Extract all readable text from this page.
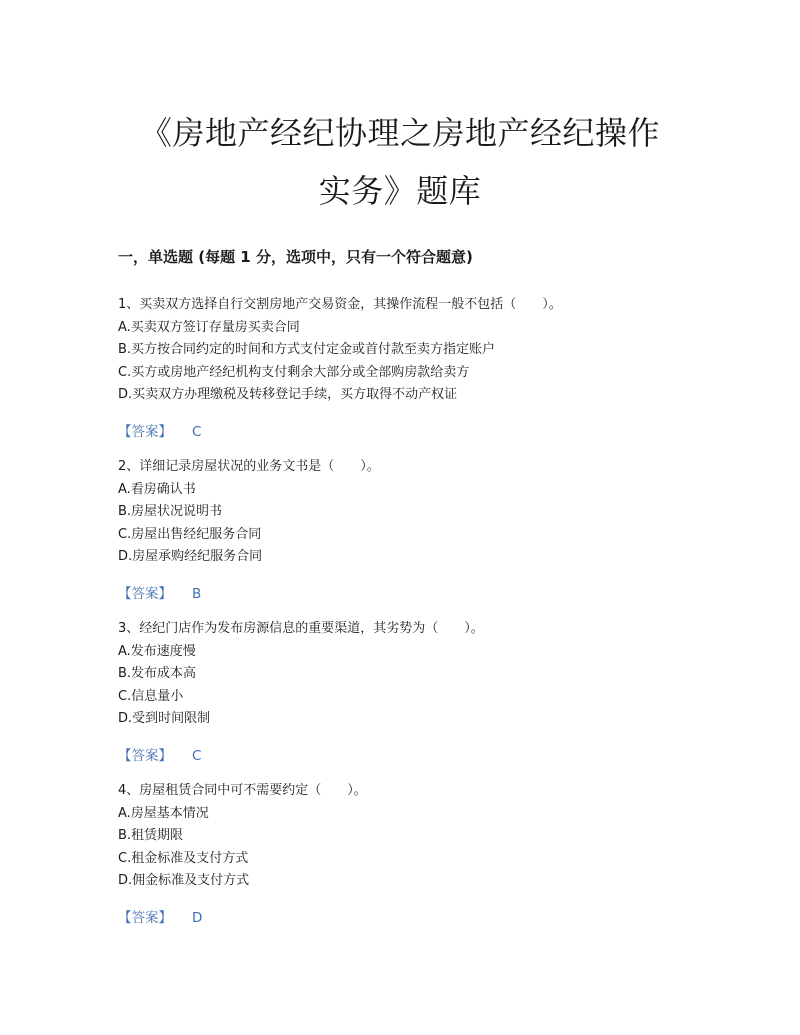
《房地产经纪协理之房地产经纪操作
实务》题库
一，单选题 (每题 1 分，选项中，只有一个符合题意)
1、买卖双方选择自行交割房地产交易资金，其操作流程一般不包括（　　）。
A.买卖双方签订存量房买卖合同
B.买方按合同约定的时间和方式支付定金或首付款至卖方指定账户
C.买方或房地产经纪机构支付剩余大部分或全部购房款给卖方
D.买卖双方办理缴税及转移登记手续，买方取得不动产权证
【答案】 C
2、详细记录房屋状况的业务文书是（　　）。
A.看房确认书
B.房屋状况说明书
C.房屋出售经纪服务合同
D.房屋承购经纪服务合同
【答案】 B
3、经纪门店作为发布房源信息的重要渠道，其劣势为（　　）。
A.发布速度慢
B.发布成本高
C.信息量小
D.受到时间限制
【答案】 C
4、房屋租赁合同中可不需要约定（　　）。
A.房屋基本情况
B.租赁期限
C.租金标准及支付方式
D.佣金标准及支付方式
【答案】 D
